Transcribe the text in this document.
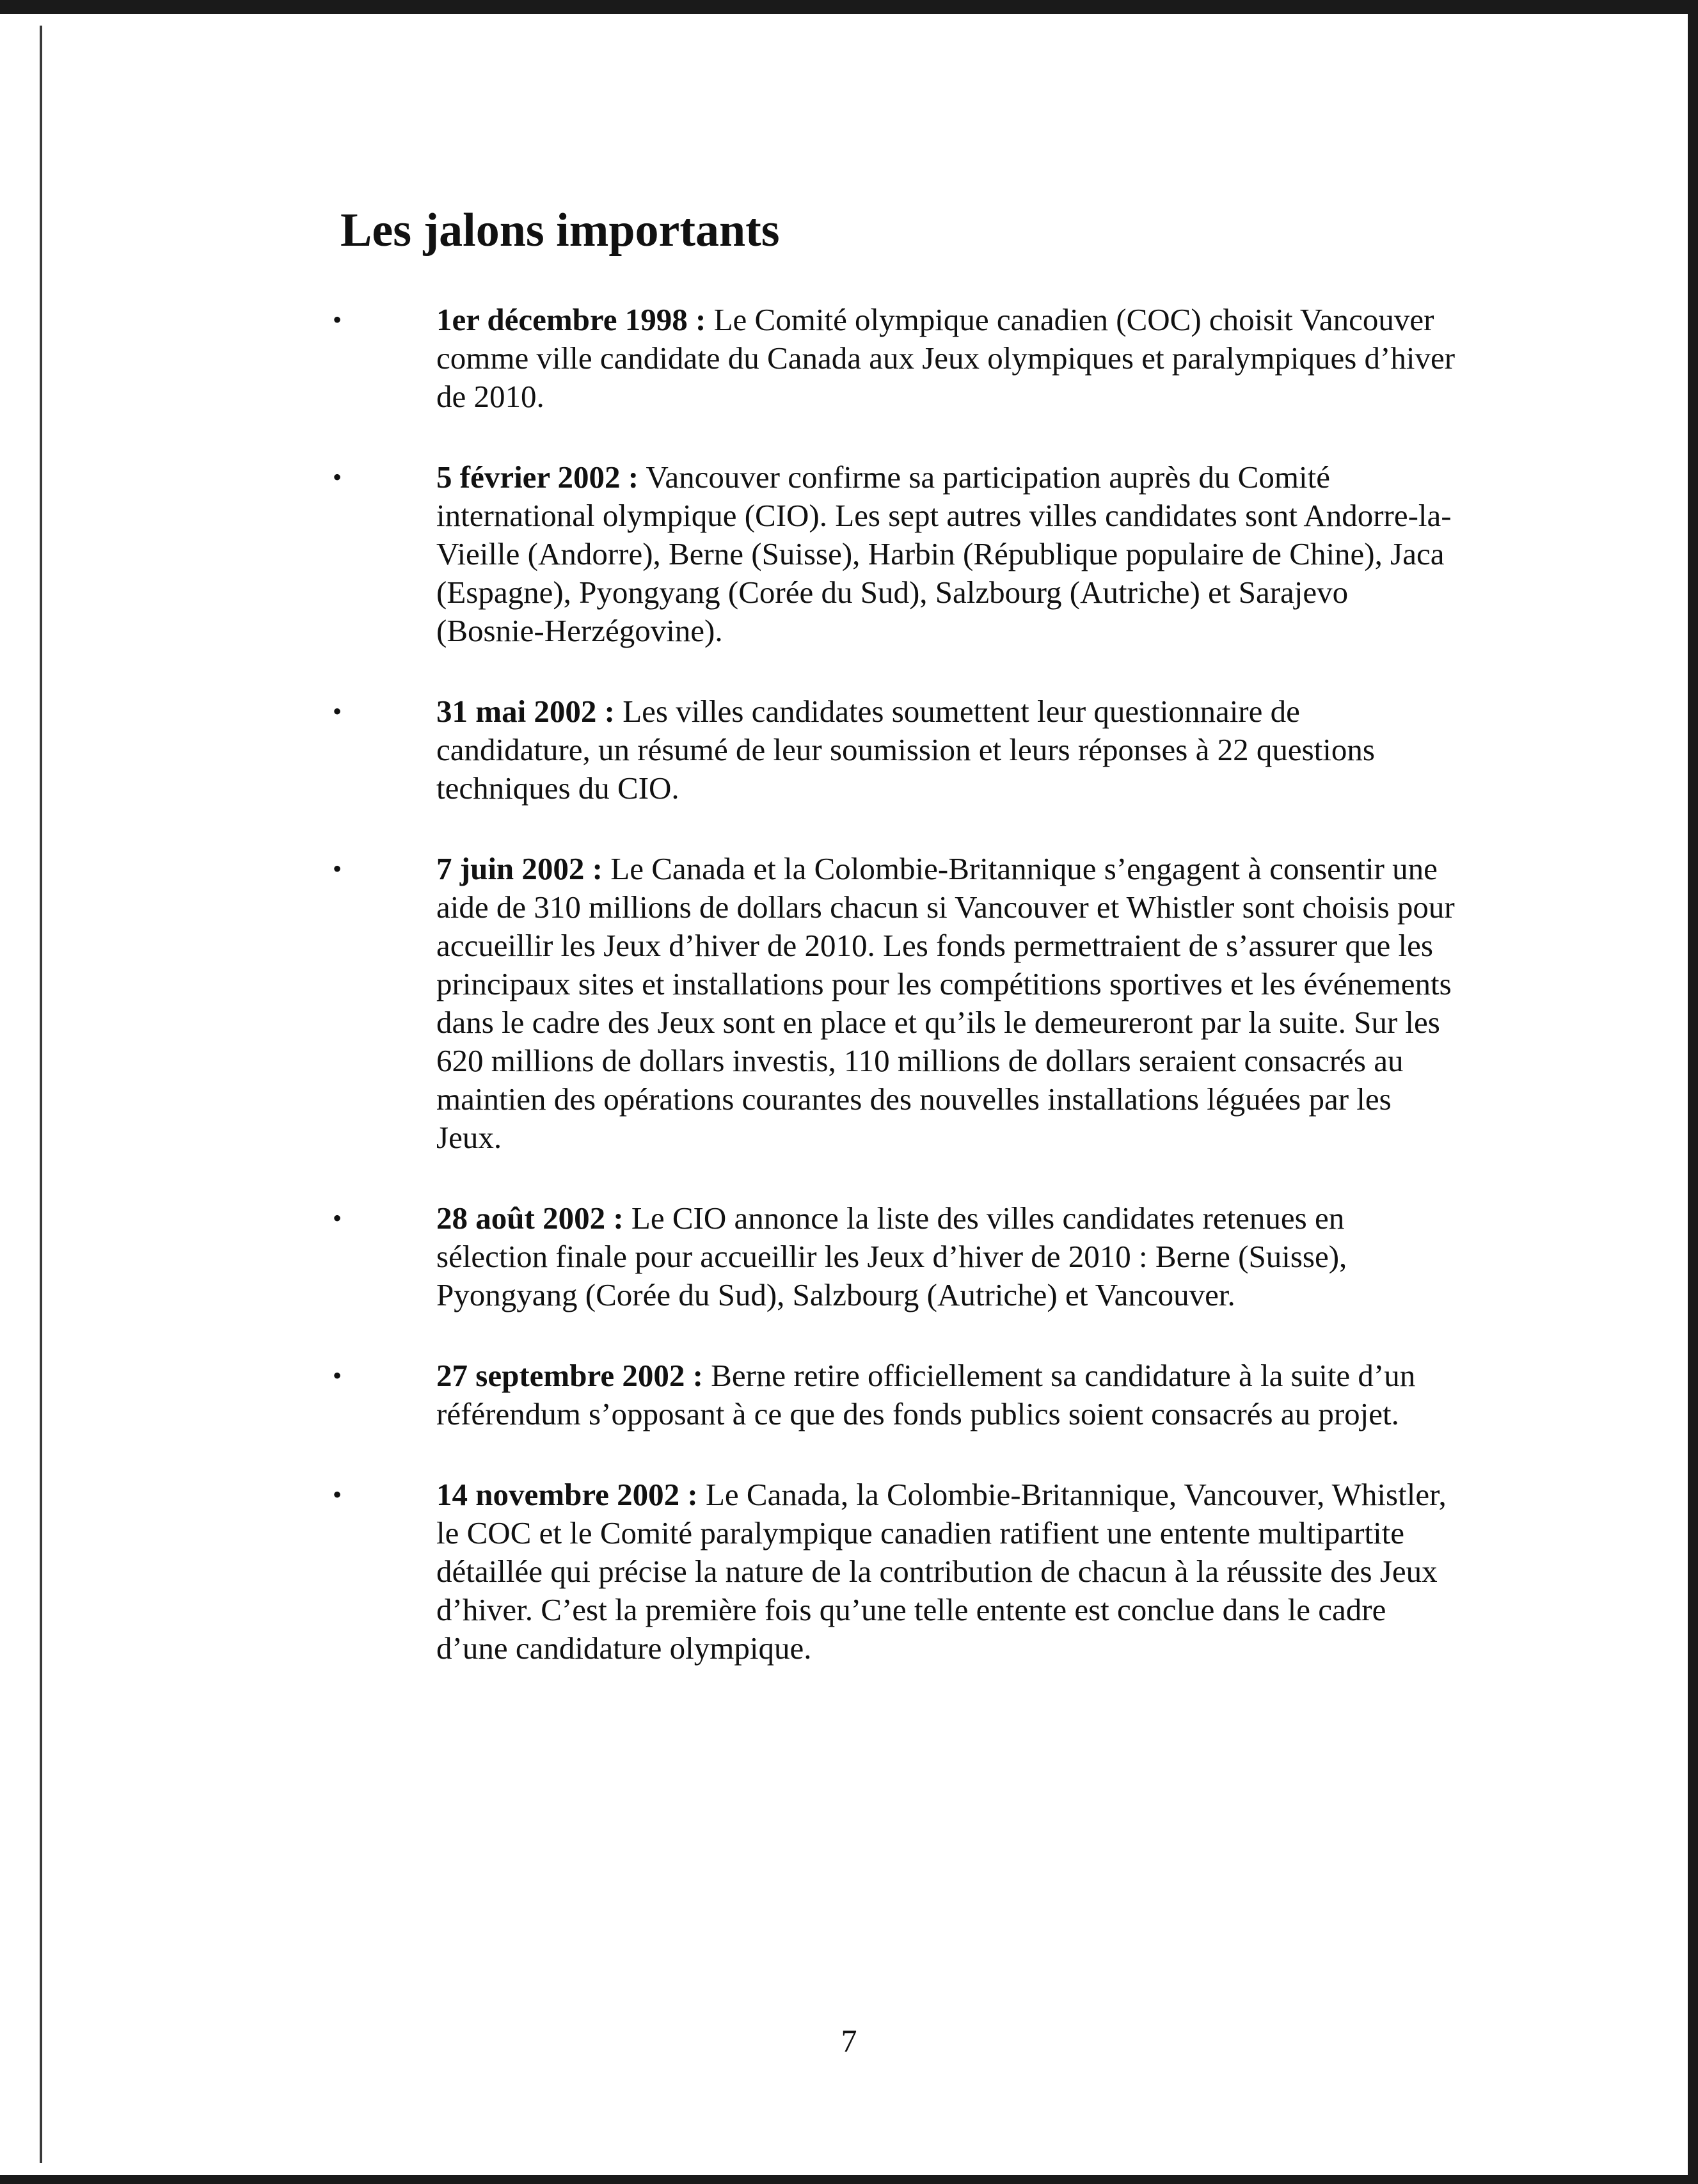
Les jalons importants
•	1er décembre 1998 : Le Comité olympique canadien (COC) choisit Vancouver comme ville candidate du Canada aux Jeux olympiques et paralympiques d’hiver de 2010.
•	5 février 2002 : Vancouver confirme sa participation auprès du Comité international olympique (CIO). Les sept autres villes candidates sont Andorre-la-Vieille (Andorre), Berne (Suisse), Harbin (République populaire de Chine), Jaca (Espagne), Pyongyang (Corée du Sud), Salzbourg (Autriche) et Sarajevo (Bosnie-Herzégovine).
•	31 mai 2002 : Les villes candidates soumettent leur questionnaire de candidature, un résumé de leur soumission et leurs réponses à 22 questions techniques du CIO.
•	7 juin 2002 : Le Canada et la Colombie-Britannique s’engagent à consentir une aide de 310 millions de dollars chacun si Vancouver et Whistler sont choisis pour accueillir les Jeux d’hiver de 2010. Les fonds permettraient de s’assurer que les principaux sites et installations pour les compétitions sportives et les événements dans le cadre des Jeux sont en place et qu’ils le demeureront par la suite. Sur les 620 millions de dollars investis, 110 millions de dollars seraient consacrés au maintien des opérations courantes des nouvelles installations léguées par les Jeux.
•	28 août 2002 : Le CIO annonce la liste des villes candidates retenues en sélection finale pour accueillir les Jeux d’hiver de 2010 : Berne (Suisse), Pyongyang (Corée du Sud), Salzbourg (Autriche) et Vancouver.
•	27 septembre 2002 : Berne retire officiellement sa candidature à la suite d’un référendum s’opposant à ce que des fonds publics soient consacrés au projet.
•	14 novembre 2002 : Le Canada, la Colombie-Britannique, Vancouver, Whistler, le COC et le Comité paralympique canadien ratifient une entente multipartite détaillée qui précise la nature de la contribution de chacun à la réussite des Jeux d’hiver. C’est la première fois qu’une telle entente est conclue dans le cadre d’une candidature olympique.
7
